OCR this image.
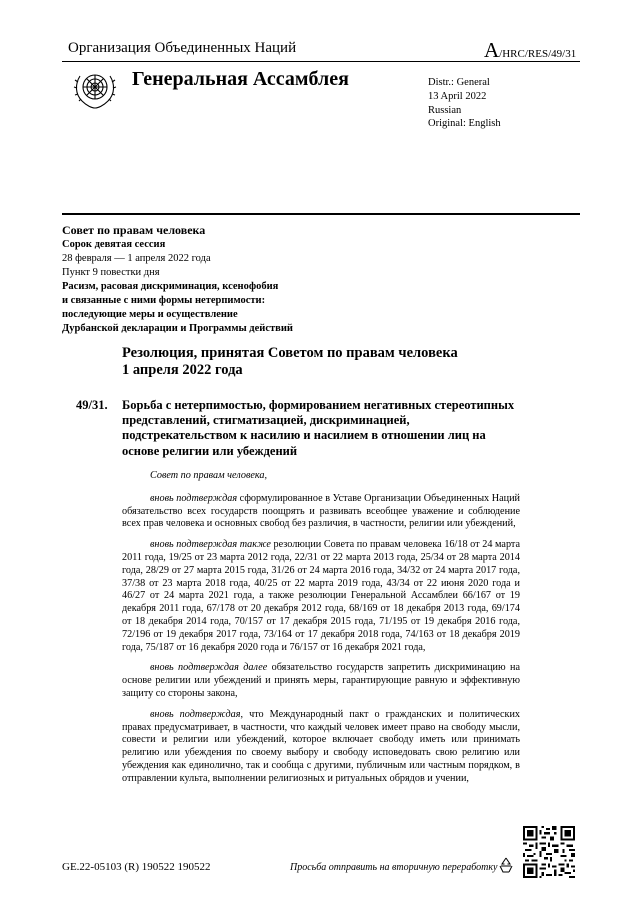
Организация Объединенных Наций	A/HRC/RES/49/31
Генеральная Ассамблея	Distr.: General
13 April 2022
Russian
Original: English
Совет по правам человека
Сорок девятая сессия
28 февраля — 1 апреля 2022 года
Пункт 9 повестки дня
Расизм, расовая дискриминация, ксенофобия
и связанные с ними формы нетерпимости:
последующие меры и осуществление
Дурбанской декларации и Программы действий
Резолюция, принятая Советом по правам человека
1 апреля 2022 года
49/31. Борьба с нетерпимостью, формированием негативных стереотипных представлений, стигматизацией, дискриминацией, подстрекательством к насилию и насилием в отношении лиц на основе религии или убеждений

Совет по правам человека,

вновь подтверждая сформулированное в Уставе Организации Объединенных Наций обязательство всех государств поощрять и развивать всеобщее уважение и соблюдение всех прав человека и основных свобод без различия, в частности, религии или убеждений,

вновь подтверждая также резолюции Совета по правам человека 16/18 от 24 марта 2011 года, 19/25 от 23 марта 2012 года, 22/31 от 22 марта 2013 года, 25/34 от 28 марта 2014 года, 28/29 от 27 марта 2015 года, 31/26 от 24 марта 2016 года, 34/32 от 24 марта 2017 года, 37/38 от 23 марта 2018 года, 40/25 от 22 марта 2019 года, 43/34 от 22 июня 2020 года и 46/27 от 24 марта 2021 года, а также резолюции Генеральной Ассамблеи 66/167 от 19 декабря 2011 года, 67/178 от 20 декабря 2012 года, 68/169 от 18 декабря 2013 года, 69/174 от 18 декабря 2014 года, 70/157 от 17 декабря 2015 года, 71/195 от 19 декабря 2016 года, 72/196 от 19 декабря 2017 года, 73/164 от 17 декабря 2018 года, 74/163 от 18 декабря 2019 года, 75/187 от 16 декабря 2020 года и 76/157 от 16 декабря 2021 года,

вновь подтверждая далее обязательство государств запретить дискриминацию на основе религии или убеждений и принять меры, гарантирующие равную и эффективную защиту со стороны закона,

вновь подтверждая, что Международный пакт о гражданских и политических правах предусматривает, в частности, что каждый человек имеет право на свободу мысли, совести и религии или убеждений, которое включает свободу иметь или принимать религию или убеждения по своему выбору и свободу исповедовать свою религию или убеждения как единолично, так и сообща с другими, публичным или частным порядком, в отправлении культа, выполнении религиозных и ритуальных обрядов и учении,

GE.22-05103 (R) 190522 190522	Просьба отправить на вторичную переработку
